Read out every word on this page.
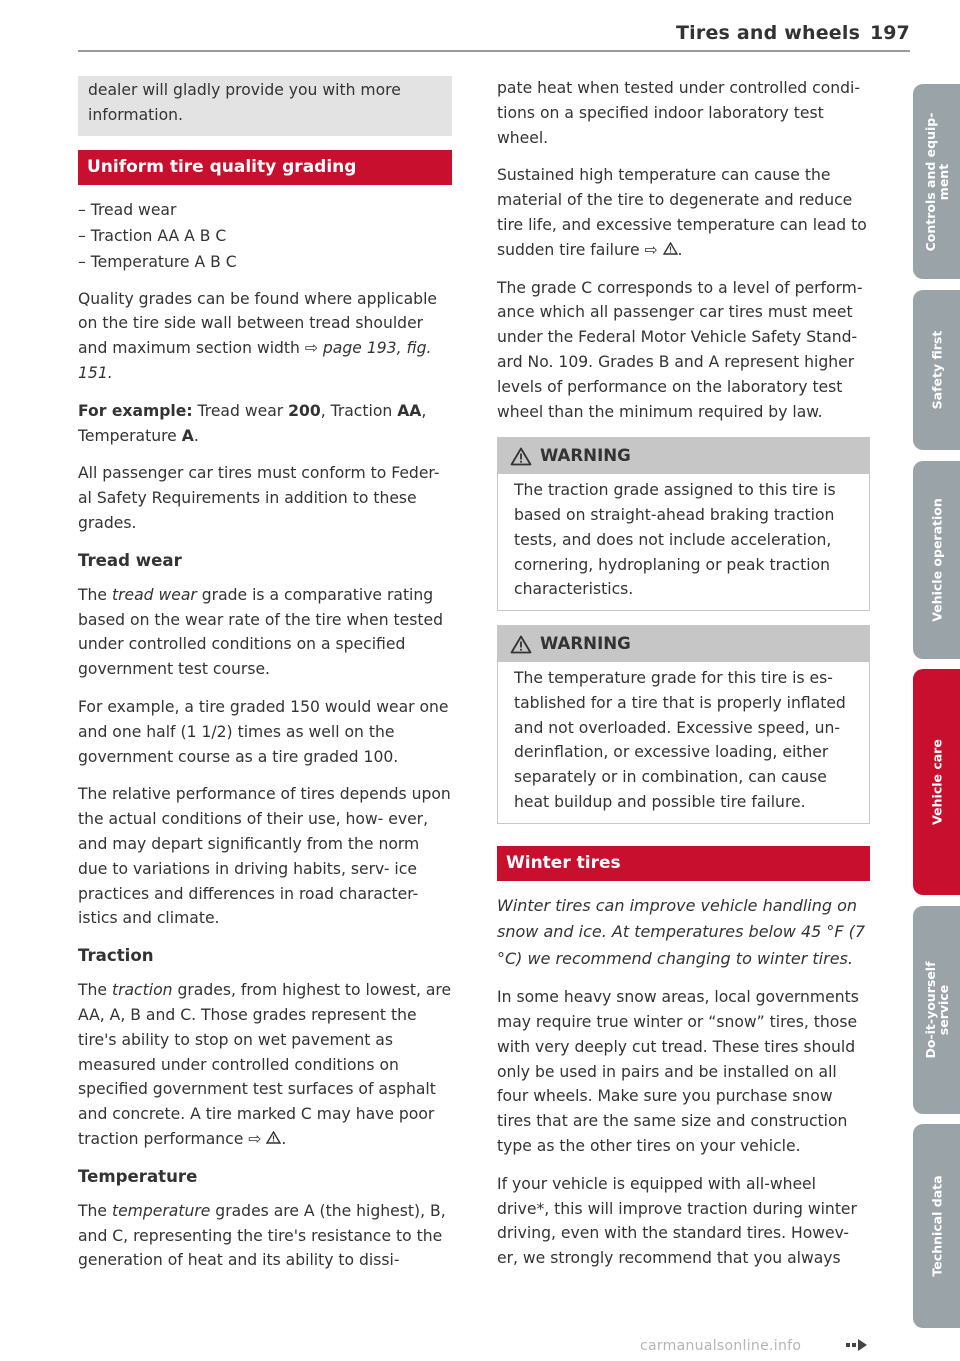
Tires and wheels 197

dealer will gladly provide you with more information.

Uniform tire quality grading
– Tread wear
– Traction AA A B C
– Temperature A B C

Quality grades can be found where applicable on the tire side wall between tread shoulder and maximum section width ⇨ page 193, fig. 151.

For example: Tread wear 200, Traction AA, Temperature A.

All passenger car tires must conform to Feder- al Safety Requirements in addition to these grades.

Tread wear

The tread wear grade is a comparative rating based on the wear rate of the tire when tested under controlled conditions on a specified government test course.

For example, a tire graded 150 would wear one and one half (1 1/2) times as well on the government course as a tire graded 100.

The relative performance of tires depends upon the actual conditions of their use, how- ever, and may depart significantly from the norm due to variations in driving habits, serv- ice practices and differences in road character- istics and climate.

Traction

The traction grades, from highest to lowest, are AA, A, B and C. Those grades represent the tire's ability to stop on wet pavement as measured under controlled conditions on specified government test surfaces of asphalt and concrete. A tire marked C may have poor traction performance ⇨ .

Temperature

The temperature grades are A (the highest), B, and C, representing the tire's resistance to the generation of heat and its ability to dissi-

pate heat when tested under controlled condi- tions on a specified indoor laboratory test wheel.

Sustained high temperature can cause the material of the tire to degenerate and reduce tire life, and excessive temperature can lead to sudden tire failure ⇨ .

The grade C corresponds to a level of perform- ance which all passenger car tires must meet under the Federal Motor Vehicle Safety Stand- ard No. 109. Grades B and A represent higher levels of performance on the laboratory test wheel than the minimum required by law.

WARNING
The traction grade assigned to this tire is based on straight-ahead braking traction tests, and does not include acceleration, cornering, hydroplaning or peak traction characteristics.
WARNING
The temperature grade for this tire is es- tablished for a tire that is properly inflated and not overloaded. Excessive speed, un- derinflation, or excessive loading, either separately or in combination, can cause heat buildup and possible tire failure.
Winter tires

Winter tires can improve vehicle handling on snow and ice. At temperatures below 45 °F (7 °C) we recommend changing to winter tires.

In some heavy snow areas, local governments may require true winter or “snow” tires, those with very deeply cut tread. These tires should only be used in pairs and be installed on all four wheels. Make sure you purchase snow tires that are the same size and construction type as the other tires on your vehicle.

If your vehicle is equipped with all-wheel drive*, this will improve traction during winter driving, even with the standard tires. Howev- er, we strongly recommend that you always

Controls and equip-
ment
Safety first
Vehicle operation
Vehicle care
Do-it-yourself
service
Technical data
carmanualsonline.info
